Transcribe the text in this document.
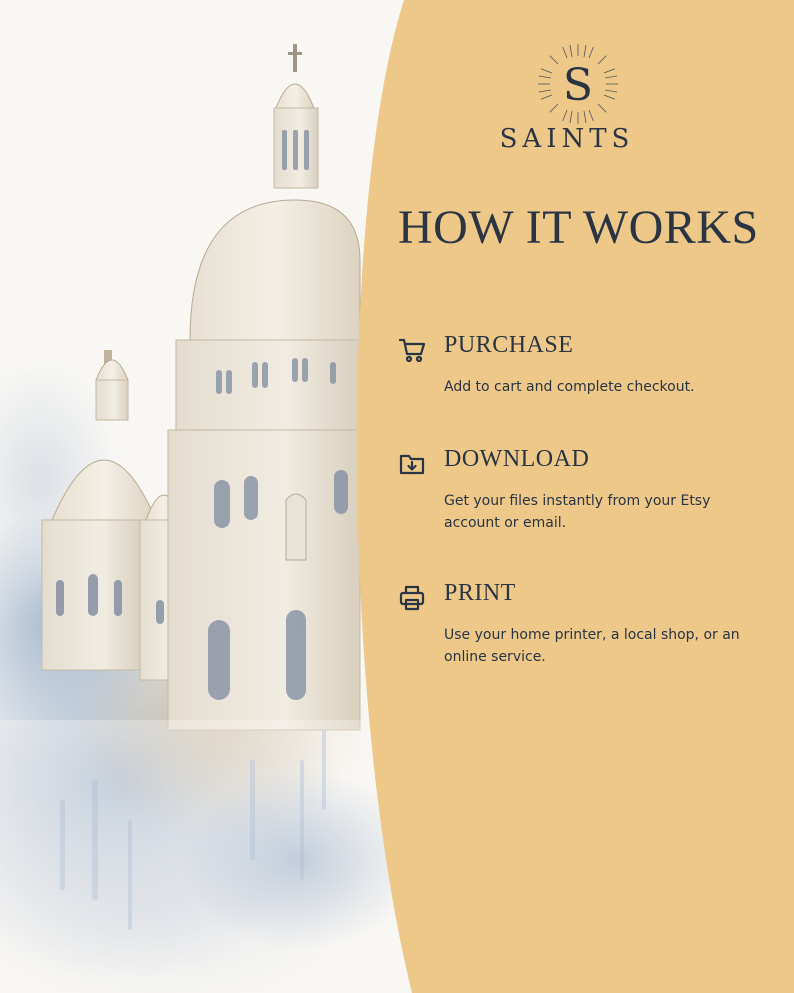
S
SAINTS
HOW IT WORKS
PURCHASE
Add to cart and complete checkout.
DOWNLOAD
Get your files instantly from your Etsy account or email.
PRINT
Use your home printer, a local shop, or an online service.
